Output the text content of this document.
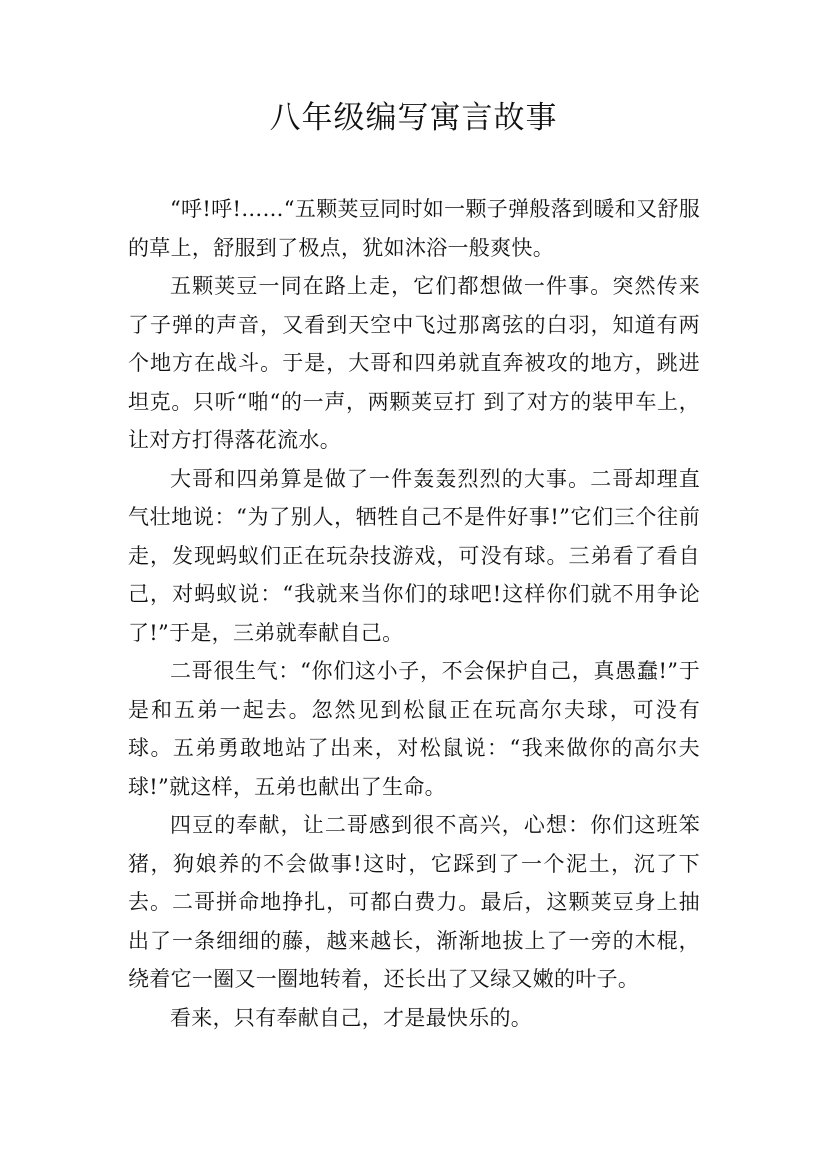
八年级编写寓言故事

“呼!呼!……“五颗荚豆同时如一颗子弹般落到暖和又舒服的草上，舒服到了极点，犹如沐浴一般爽快。

五颗荚豆一同在路上走，它们都想做一件事。突然传来了子弹的声音，又看到天空中飞过那离弦的白羽，知道有两个地方在战斗。于是，大哥和四弟就直奔被攻的地方，跳进坦克。只听“啪“的一声，两颗荚豆打 到了对方的装甲车上，让对方打得落花流水。

大哥和四弟算是做了一件轰轰烈烈的大事。二哥却理直气壮地说：“为了别人，牺牲自己不是件好事!”它们三个往前走，发现蚂蚁们正在玩杂技游戏，可没有球。三弟看了看自己，对蚂蚁说：“我就来当你们的球吧!这样你们就不用争论了!”于是，三弟就奉献自己。

二哥很生气：“你们这小子，不会保护自己，真愚蠢!”于是和五弟一起去。忽然见到松鼠正在玩高尔夫球，可没有球。五弟勇敢地站了出来，对松鼠说：“我来做你的高尔夫球!”就这样，五弟也献出了生命。

四豆的奉献，让二哥感到很不高兴，心想：你们这班笨猪，狗娘养的不会做事!这时，它踩到了一个泥土，沉了下去。二哥拼命地挣扎，可都白费力。最后，这颗荚豆身上抽出了一条细细的藤，越来越长，渐渐地拔上了一旁的木棍，绕着它一圈又一圈地转着，还长出了又绿又嫩的叶子。

看来，只有奉献自己，才是最快乐的。
